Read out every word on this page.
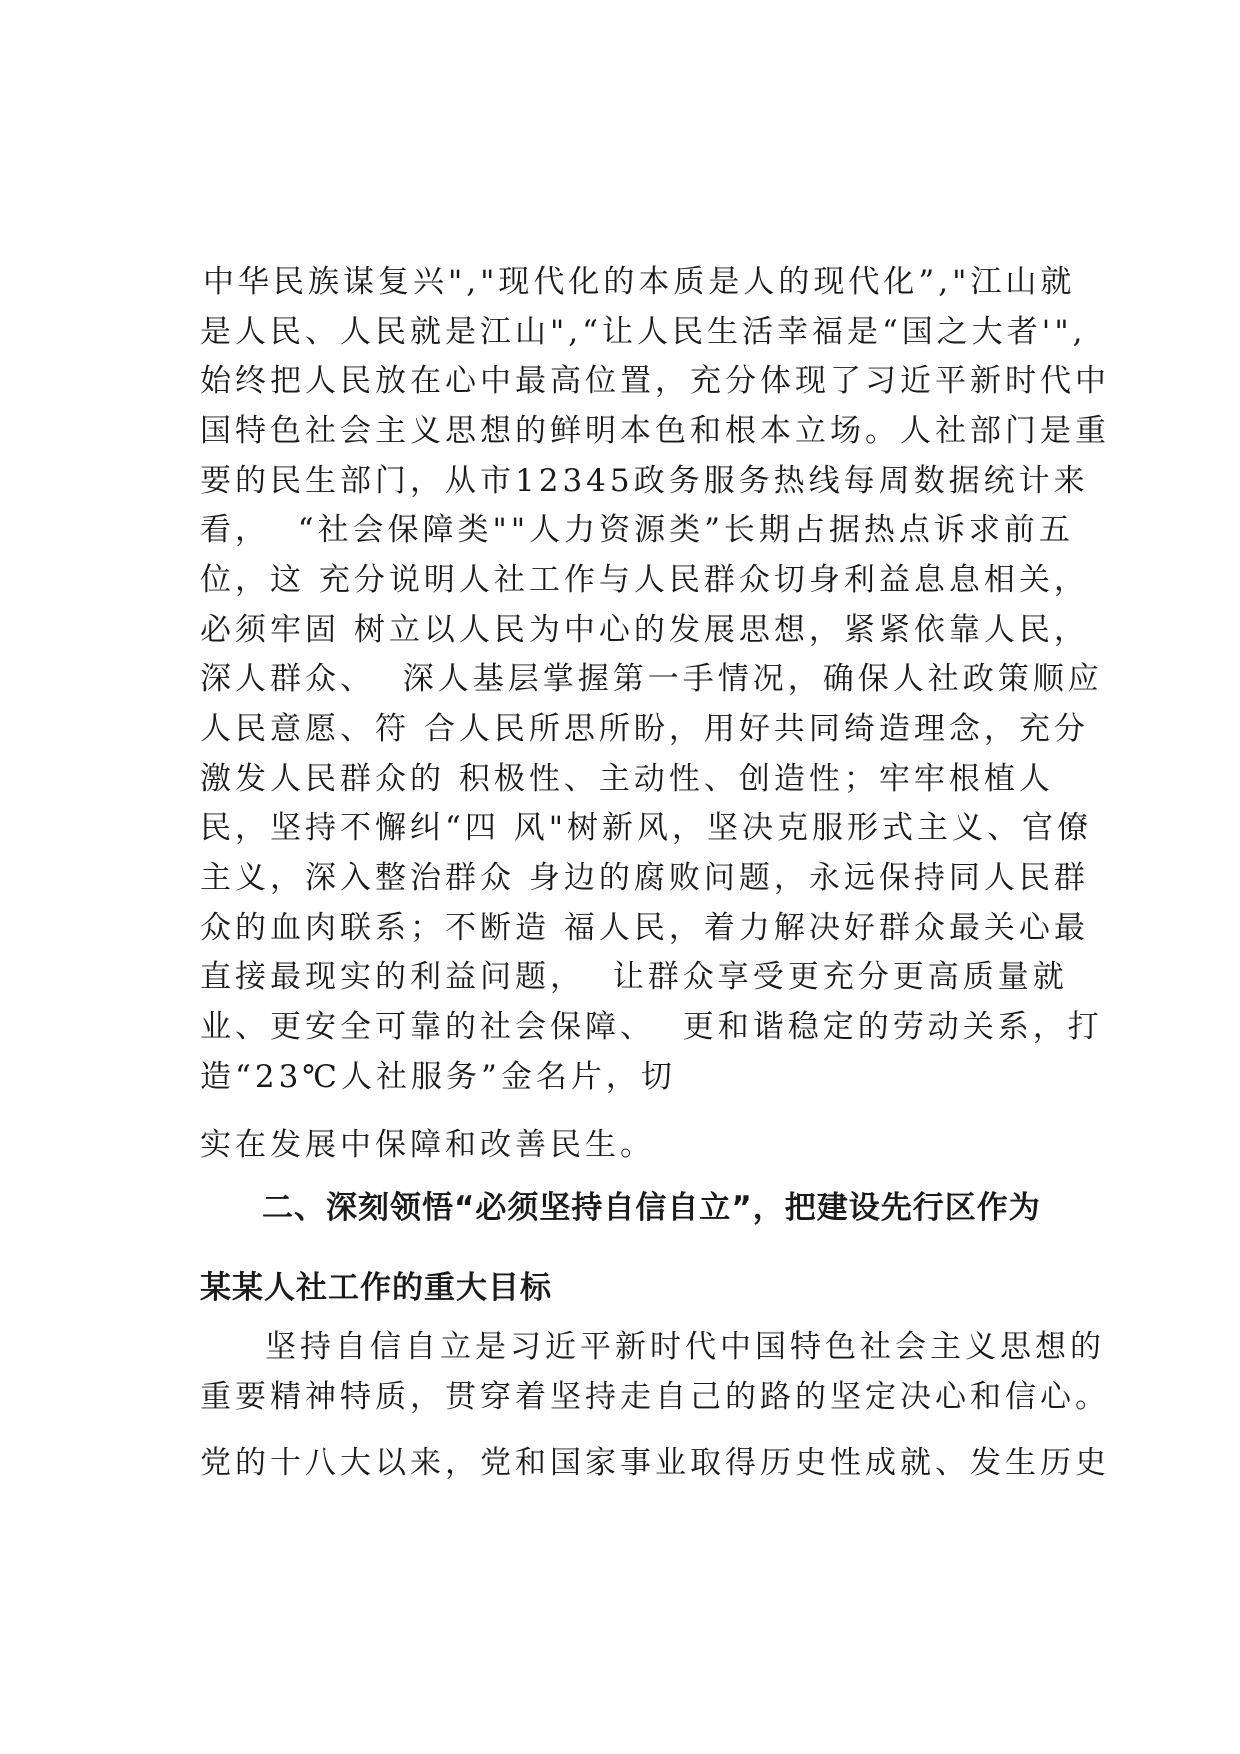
中华民族谋复兴","现代化的本质是人的现代化”,"江山就
是人民、人民就是江山",“让人民生活幸福是“国之大者'",
始终把人民放在心中最高位置，充分体现了习近平新时代中
国特色社会主义思想的鲜明本色和根本立场。人社部门是重
要的民生部门，从市12345政务服务热线每周数据统计来
看，  “社会保障类""人力资源类”长期占据热点诉求前五
位，这 充分说明人社工作与人民群众切身利益息息相关，
必须牢固 树立以人民为中心的发展思想，紧紧依靠人民，
深人群众、  深人基层掌握第一手情况，确保人社政策顺应
人民意愿、符 合人民所思所盼，用好共同绮造理念，充分
激发人民群众的 积极性、主动性、创造性；牢牢根植人
民，坚持不懈纠“四 风"树新风，坚决克服形式主义、官僚
主义，深入整治群众 身边的腐败问题，永远保持同人民群
众的血肉联系；不断造 福人民，着力解决好群众最关心最
直接最现实的利益问题，  让群众享受更充分更高质量就
业、更安全可靠的社会保障、  更和谐稳定的劳动关系，打
造“23℃人社服务”金名片，切
实在发展中保障和改善民生。
二、深刻领悟“必须坚持自信自立”，把建设先行区作为
某某人社工作的重大目标
坚持自信自立是习近平新时代中国特色社会主义思想的
重要精神特质，贯穿着坚持走自己的路的坚定决心和信心。
党的十八大以来，党和国家事业取得历史性成就、发生历史
